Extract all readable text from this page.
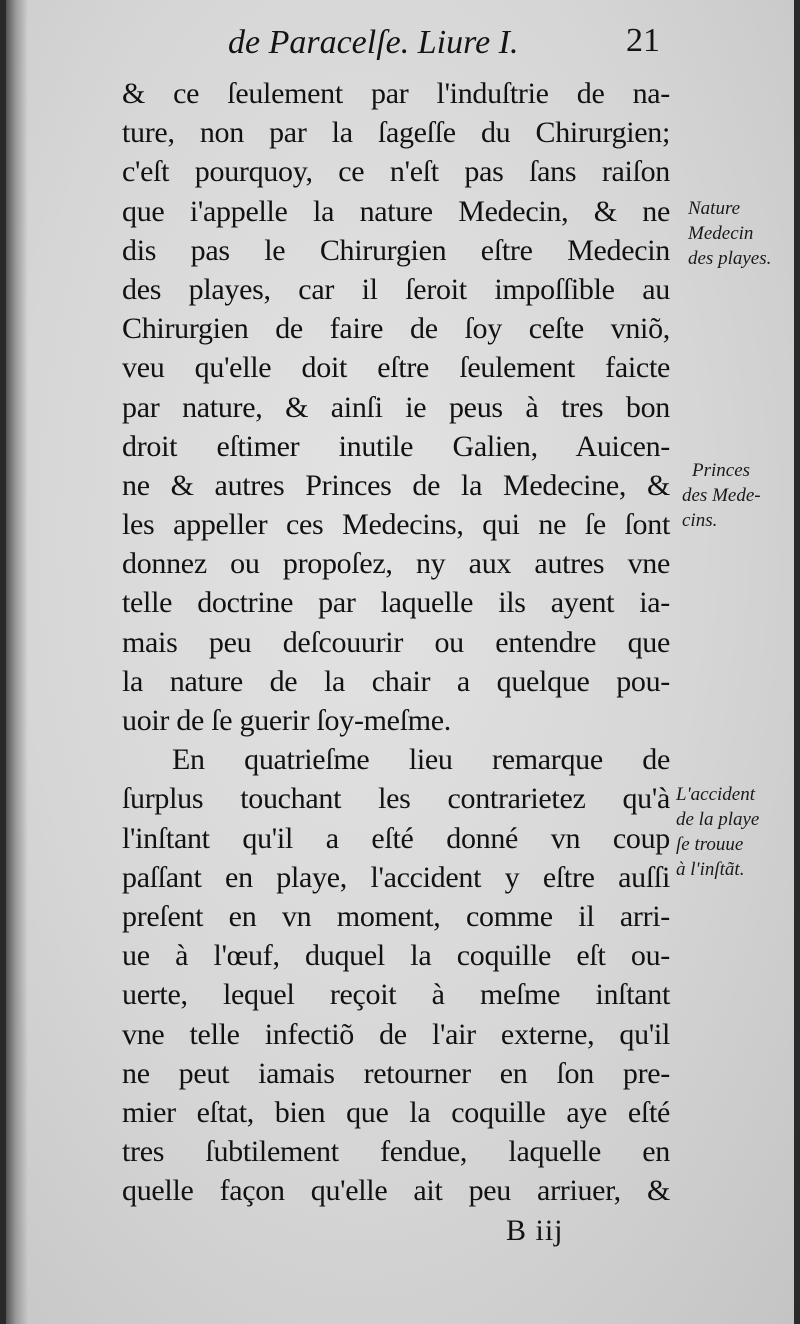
de Paracelſe. Liure I.	21
& ce ſeulement par l'induſtrie de na-
ture, non par la ſageſſe du Chirurgien;
c'eſt pourquoy, ce n'eſt pas ſans raiſon
que i'appelle la nature Medecin, & ne
dis pas le Chirurgien eſtre Medecin
des playes, car il ſeroit impoſſible au
Chirurgien de faire de ſoy ceſte vniõ,
veu qu'elle doit eſtre ſeulement faicte
par nature, & ainſi ie peus à tres bon
droit eſtimer inutile Galien, Auicen-
ne & autres Princes de la Medecine, &
les appeller ces Medecins, qui ne ſe ſont
donnez ou propoſez, ny aux autres vne
telle doctrine par laquelle ils ayent ia-
mais peu deſcouurir ou entendre que
la nature de la chair a quelque pou-
uoir de ſe guerir ſoy-meſme.
En quatrieſme lieu remarque de
ſurplus touchant les contrarietez qu'à
l'inſtant qu'il a eſté donné vn coup
paſſant en playe, l'accident y eſtre auſſi
preſent en vn moment, comme il arri-
ue à l'œuf, duquel la coquille eſt ou-
uerte, lequel reçoit à meſme inſtant
vne telle infectiõ de l'air externe, qu'il
ne peut iamais retourner en ſon pre-
mier eſtat, bien que la coquille aye eſté
tres ſubtilement fendue, laquelle en
quelle façon qu'elle ait peu arriuer, &
Nature
Medecin
des playes.
Princes
des Mede-
cins.
L'accident
de la playe
ſe trouue
à l'inſtãt.
B iij
